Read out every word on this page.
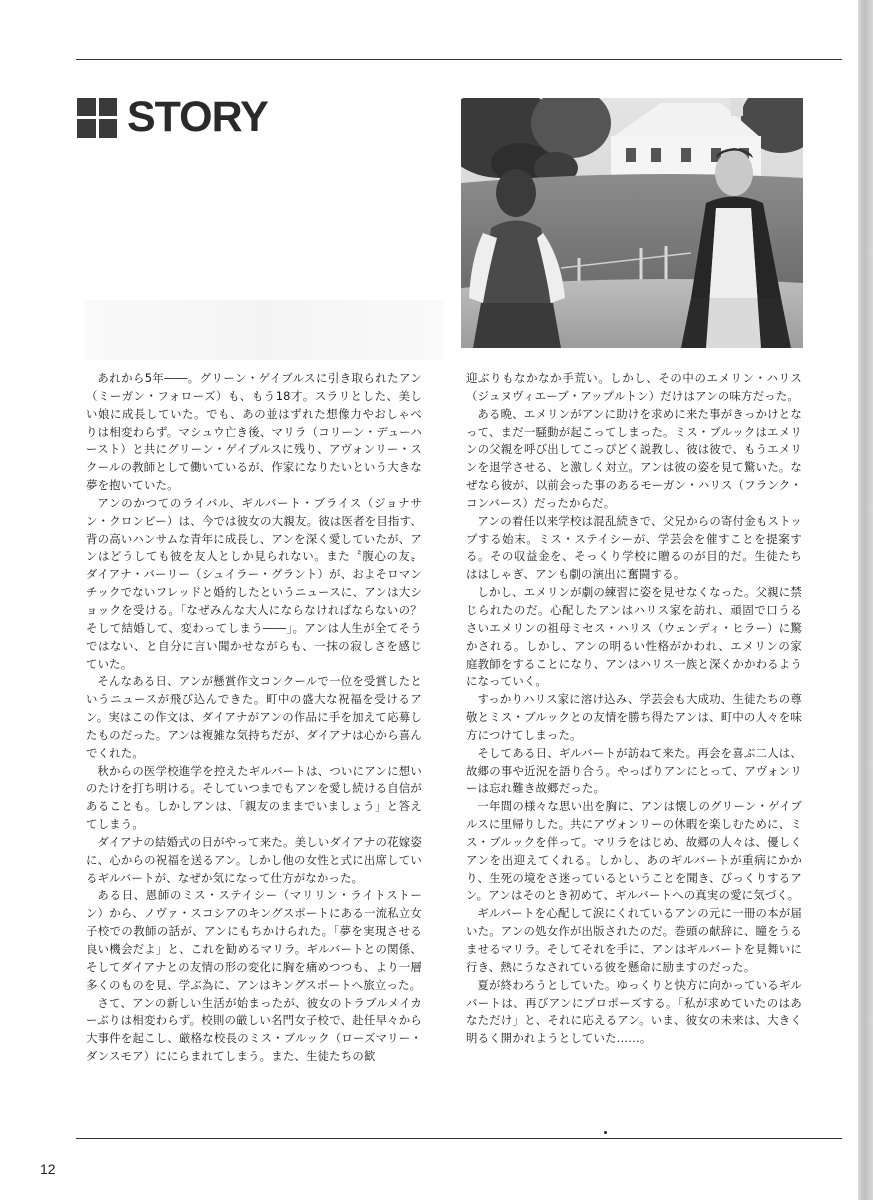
STORY

あれから5年――。グリーン・ゲイブルスに引き取られたアン（ミーガン・フォローズ）も、もう18才。スラリとした、美しい娘に成長していた。でも、あの並はずれた想像力やおしゃべりは相変わらず。マシュウ亡き後、マリラ（コリーン・デューハースト）と共にグリーン・ゲイブルスに残り、アヴォンリー・スクールの教師として働いているが、作家になりたいという大きな夢を抱いていた。

アンのかつてのライバル、ギルバート・ブライス（ジョナサン・クロンビー）は、今では彼女の大親友。彼は医者を目指す、背の高いハンサムな青年に成長し、アンを深く愛していたが、アンはどうしても彼を友人としか見られない。また〝腹心の友〟ダイアナ・バーリー（シュイラー・グラント）が、およそロマンチックでないフレッドと婚約したというニュースに、アンは大ショックを受ける。「なぜみんな大人にならなければならないの？そして結婚して、変わってしまう――」。アンは人生が全てそうではない、と自分に言い聞かせながらも、一抹の寂しさを感じていた。

そんなある日、アンが懸賞作文コンクールで一位を受賞したというニュースが飛び込んできた。町中の盛大な祝福を受けるアン。実はこの作文は、ダイアナがアンの作品に手を加えて応募したものだった。アンは複雑な気持ちだが、ダイアナは心から喜んでくれた。

秋からの医学校進学を控えたギルバートは、ついにアンに想いのたけを打ち明ける。そしていつまでもアンを愛し続ける自信があることも。しかしアンは、「親友のままでいましょう」と答えてしまう。

ダイアナの結婚式の日がやって来た。美しいダイアナの花嫁姿に、心からの祝福を送るアン。しかし他の女性と式に出席しているギルバートが、なぜか気になって仕方がなかった。

ある日、恩師のミス・ステイシー（マリリン・ライトストーン）から、ノヴァ・スコシアのキングスポートにある一流私立女子校での教師の話が、アンにもちかけられた。「夢を実現させる良い機会だよ」と、これを勧めるマリラ。ギルバートとの関係、そしてダイアナとの友情の形の変化に胸を痛めつつも、より一層多くのものを見、学ぶ為に、アンはキングスポートへ旅立った。

さて、アンの新しい生活が始まったが、彼女のトラブルメイカーぶりは相変わらず。校則の厳しい名門女子校で、赴任早々から大事件を起こし、厳格な校長のミス・ブルック（ローズマリー・ダンスモア）ににらまれてしまう。また、生徒たちの歓

迎ぶりもなかなか手荒い。しかし、その中のエメリン・ハリス（ジュヌヴィエーブ・アップルトン）だけはアンの味方だった。

ある晩、エメリンがアンに助けを求めに来た事がきっかけとなって、まだ一騒動が起こってしまった。ミス・ブルックはエメリンの父親を呼び出してこっぴどく説教し、彼は彼で、もうエメリンを退学させる、と激しく対立。アンは彼の姿を見て驚いた。なぜなら彼が、以前会った事のあるモーガン・ハリス（フランク・コンバース）だったからだ。

アンの着任以来学校は混乱続きで、父兄からの寄付金もストップする始末。ミス・ステイシーが、学芸会を催すことを提案する。その収益金を、そっくり学校に贈るのが目的だ。生徒たちははしゃぎ、アンも劇の演出に奮闘する。

しかし、エメリンが劇の練習に姿を見せなくなった。父親に禁じられたのだ。心配したアンはハリス家を訪れ、頑固で口うるさいエメリンの祖母ミセス・ハリス（ウェンディ・ヒラー）に驚かされる。しかし、アンの明るい性格がかわれ、エメリンの家庭教師をすることになり、アンはハリス一族と深くかかわるようになっていく。

すっかりハリス家に溶け込み、学芸会も大成功、生徒たちの尊敬とミス・ブルックとの友情を勝ち得たアンは、町中の人々を味方につけてしまった。

そしてある日、ギルバートが訪ねて来た。再会を喜ぶ二人は、故郷の事や近況を語り合う。やっぱりアンにとって、アヴォンリーは忘れ難き故郷だった。

一年間の様々な思い出を胸に、アンは懐しのグリーン・ゲイブルスに里帰りした。共にアヴォンリーの休暇を楽しむために、ミス・ブルックを伴って。マリラをはじめ、故郷の人々は、優しくアンを出迎えてくれる。しかし、あのギルバートが重病にかかり、生死の境をさ迷っているということを聞き、びっくりするアン。アンはそのとき初めて、ギルバートへの真実の愛に気づく。

ギルバートを心配して涙にくれているアンの元に一冊の本が届いた。アンの処女作が出版されたのだ。巻頭の献辞に、瞳をうるませるマリラ。そしてそれを手に、アンはギルバートを見舞いに行き、熱にうなされている彼を懸命に励ますのだった。

夏が終わろうとしていた。ゆっくりと快方に向かっているギルバートは、再びアンにプロポーズする。「私が求めていたのはあなただけ」と、それに応えるアン。いま、彼女の未来は、大きく明るく開かれようとしていた……。

12
